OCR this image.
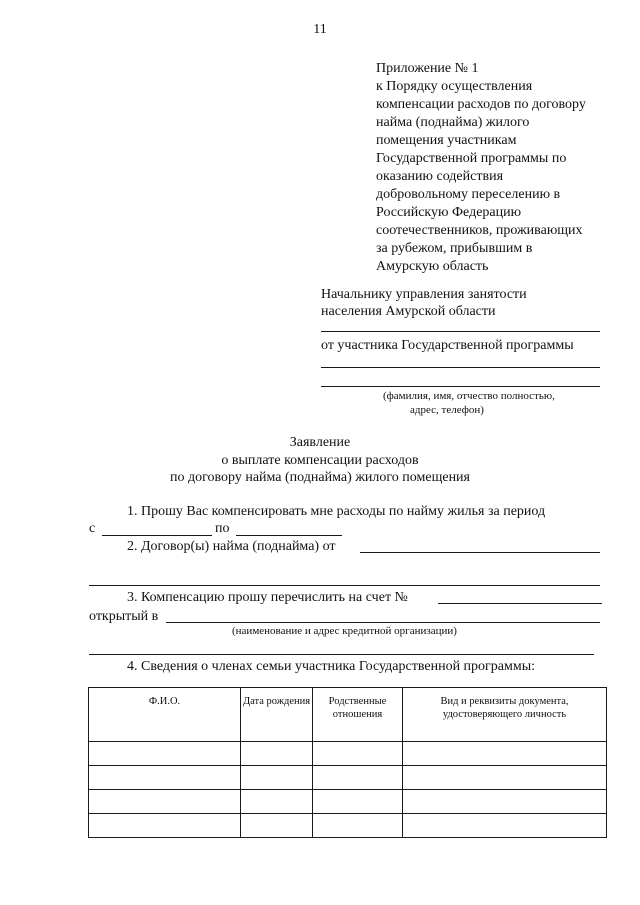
11
Приложение № 1
к Порядку осуществления
компенсации расходов по договору
найма (поднайма) жилого
помещения участникам
Государственной программы по
оказанию содействия
добровольному переселению в
Российскую Федерацию
соотечественников, проживающих
за рубежом, прибывшим в
Амурскую область
Начальнику управления занятости
населения Амурской области
от участника Государственной программы
(фамилия, имя, отчество полностью,
адрес, телефон)
Заявление
о выплате компенсации расходов
по договору найма (поднайма) жилого помещения
1. Прошу Вас компенсировать мне расходы по найму жилья за период
с	по
2. Договор(ы) найма (поднайма) от
3. Компенсацию прошу перечислить на счет №
открытый в
(наименование и адрес кредитной организации)
4. Сведения о членах семьи участника Государственной программы:
Ф.И.О.	Дата рождения	Родственные отношения	Вид и реквизиты документа, удостоверяющего личность
